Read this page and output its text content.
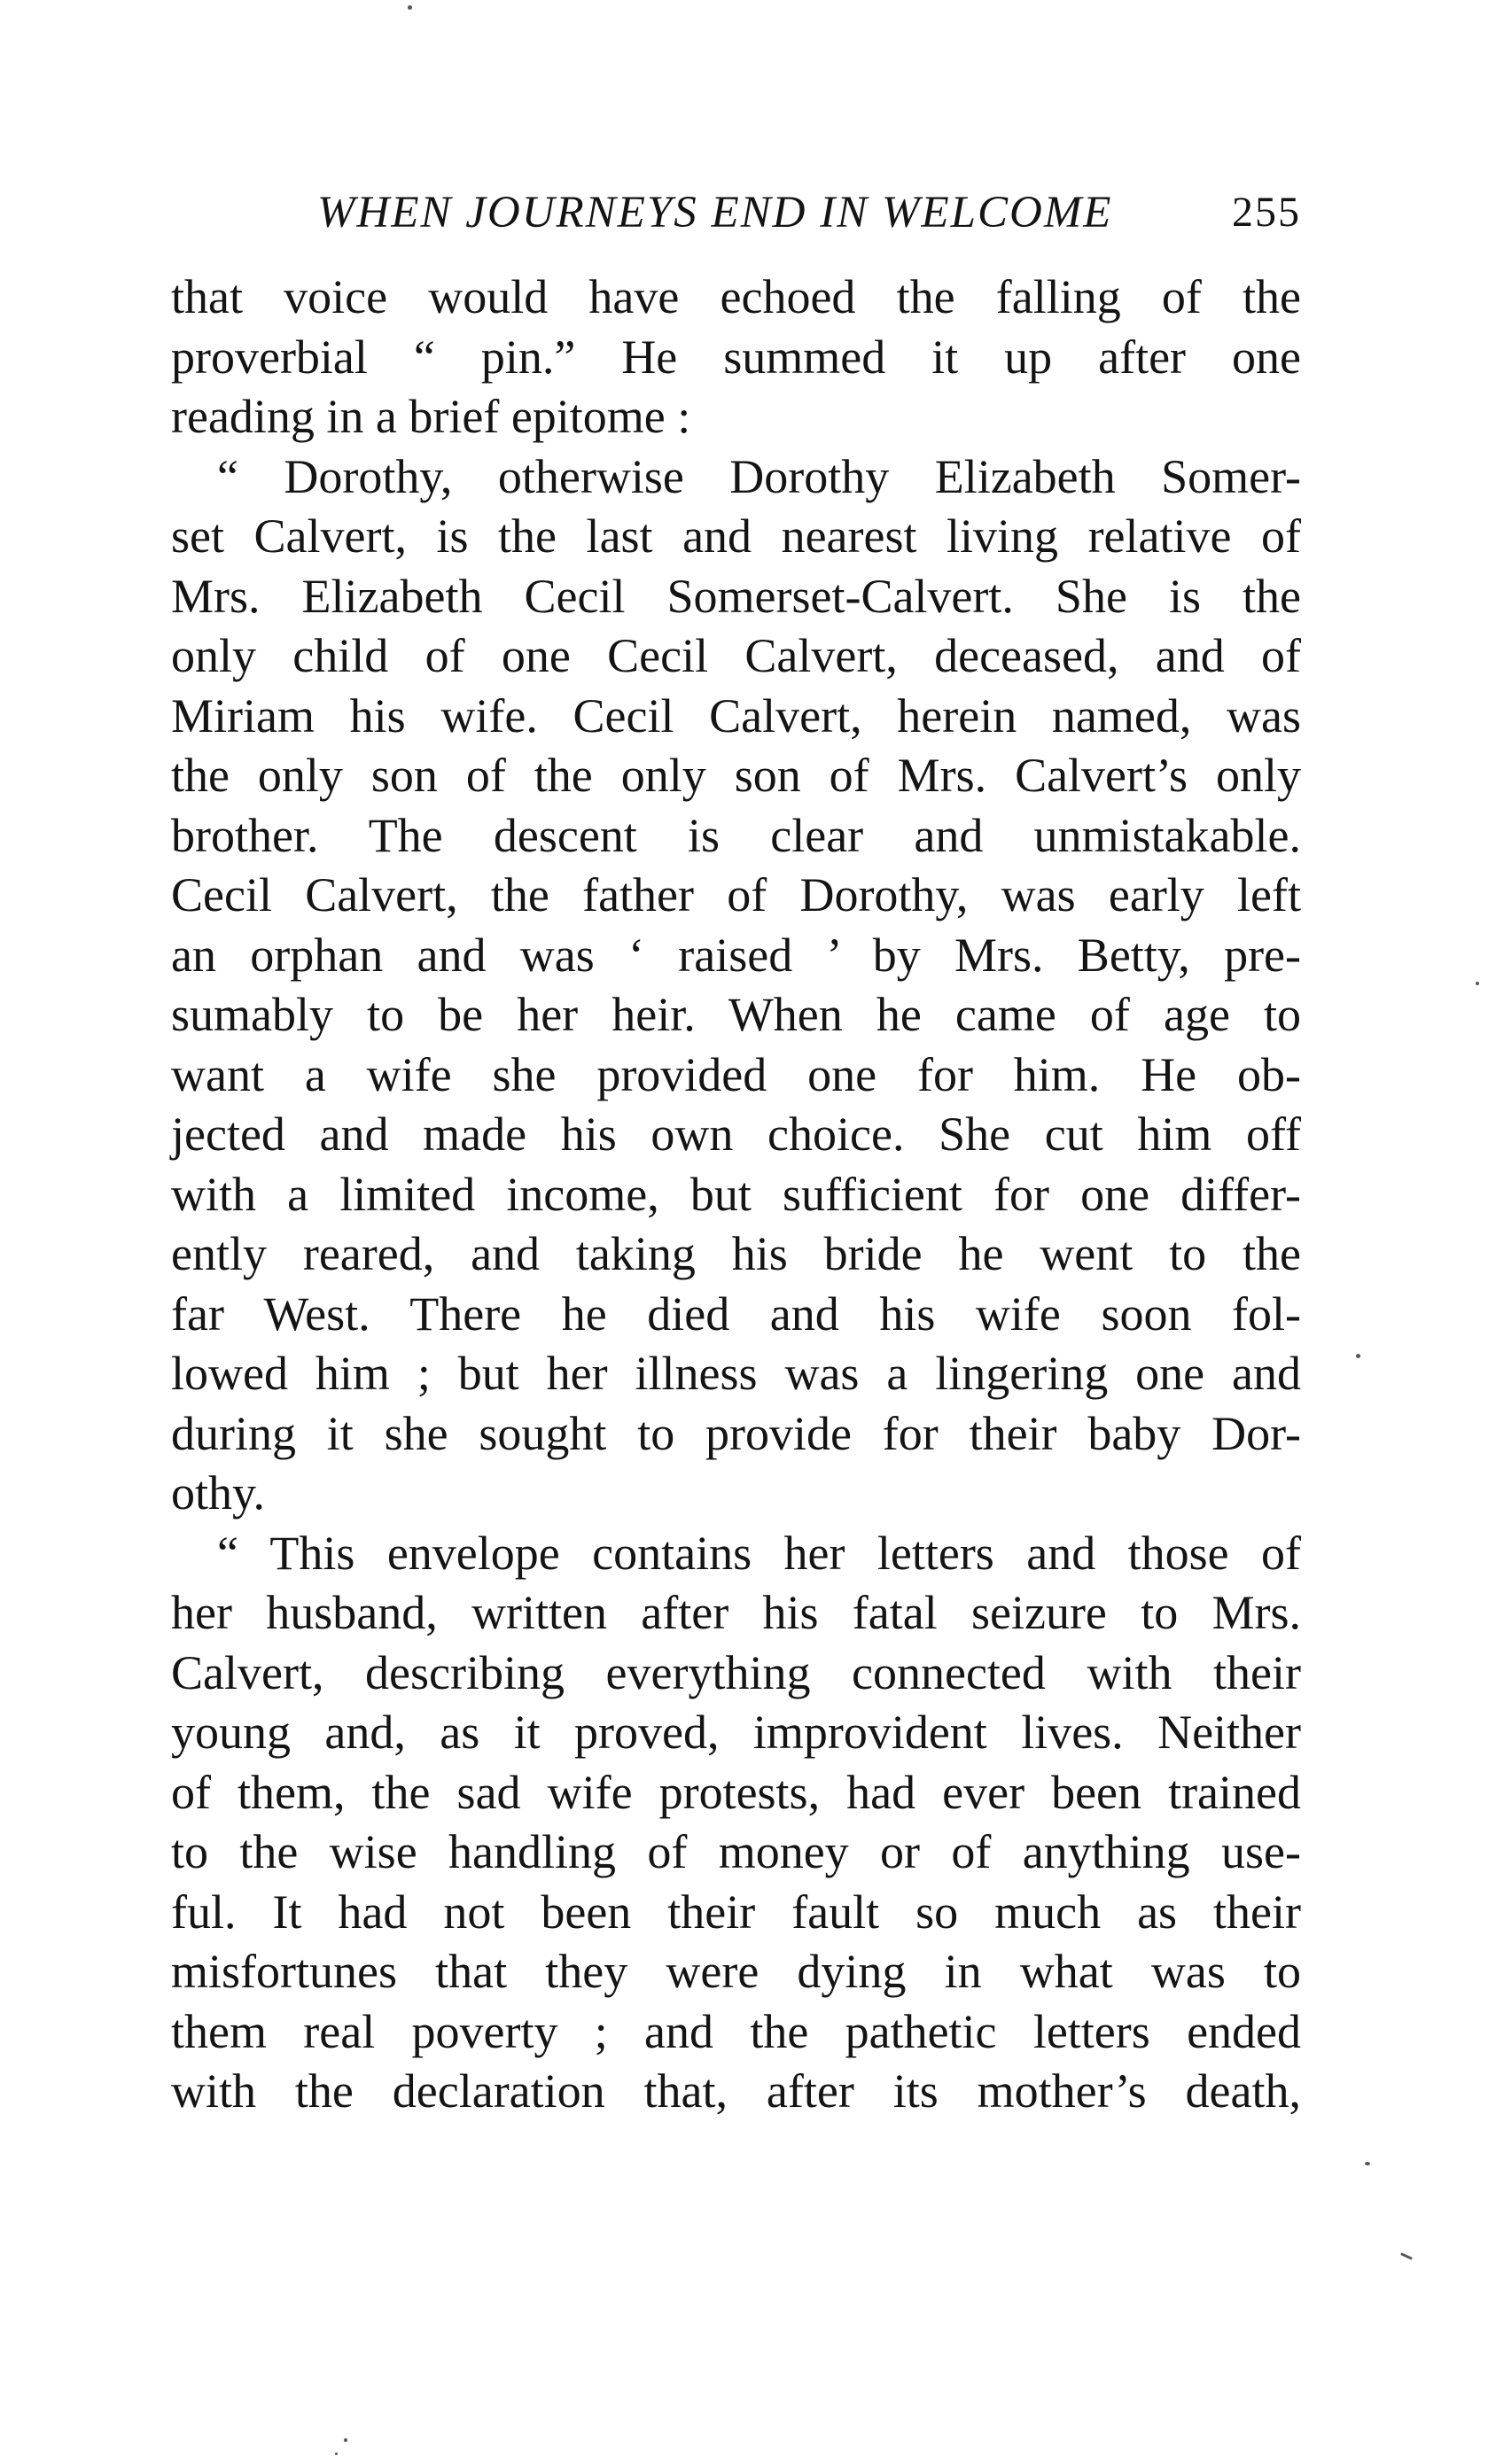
WHEN JOURNEYS END IN WELCOME	255
that voice would have echoed the falling of the
proverbial “ pin.” He summed it up after one
reading in a brief epitome :
“ Dorothy, otherwise Dorothy Elizabeth Somer-
set Calvert, is the last and nearest living relative of
Mrs. Elizabeth Cecil Somerset-Calvert. She is the
only child of one Cecil Calvert, deceased, and of
Miriam his wife. Cecil Calvert, herein named, was
the only son of the only son of Mrs. Calvert’s only
brother. The descent is clear and unmistakable.
Cecil Calvert, the father of Dorothy, was early left
an orphan and was ‘ raised ’ by Mrs. Betty, pre-
sumably to be her heir. When he came of age to
want a wife she provided one for him. He ob-
jected and made his own choice. She cut him off
with a limited income, but sufficient for one differ-
ently reared, and taking his bride he went to the
far West. There he died and his wife soon fol-
lowed him ; but her illness was a lingering one and
during it she sought to provide for their baby Dor-
othy.
“ This envelope contains her letters and those of
her husband, written after his fatal seizure to Mrs.
Calvert, describing everything connected with their
young and, as it proved, improvident lives. Neither
of them, the sad wife protests, had ever been trained
to the wise handling of money or of anything use-
ful. It had not been their fault so much as their
misfortunes that they were dying in what was to
them real poverty ; and the pathetic letters ended
with the declaration that, after its mother’s death,
